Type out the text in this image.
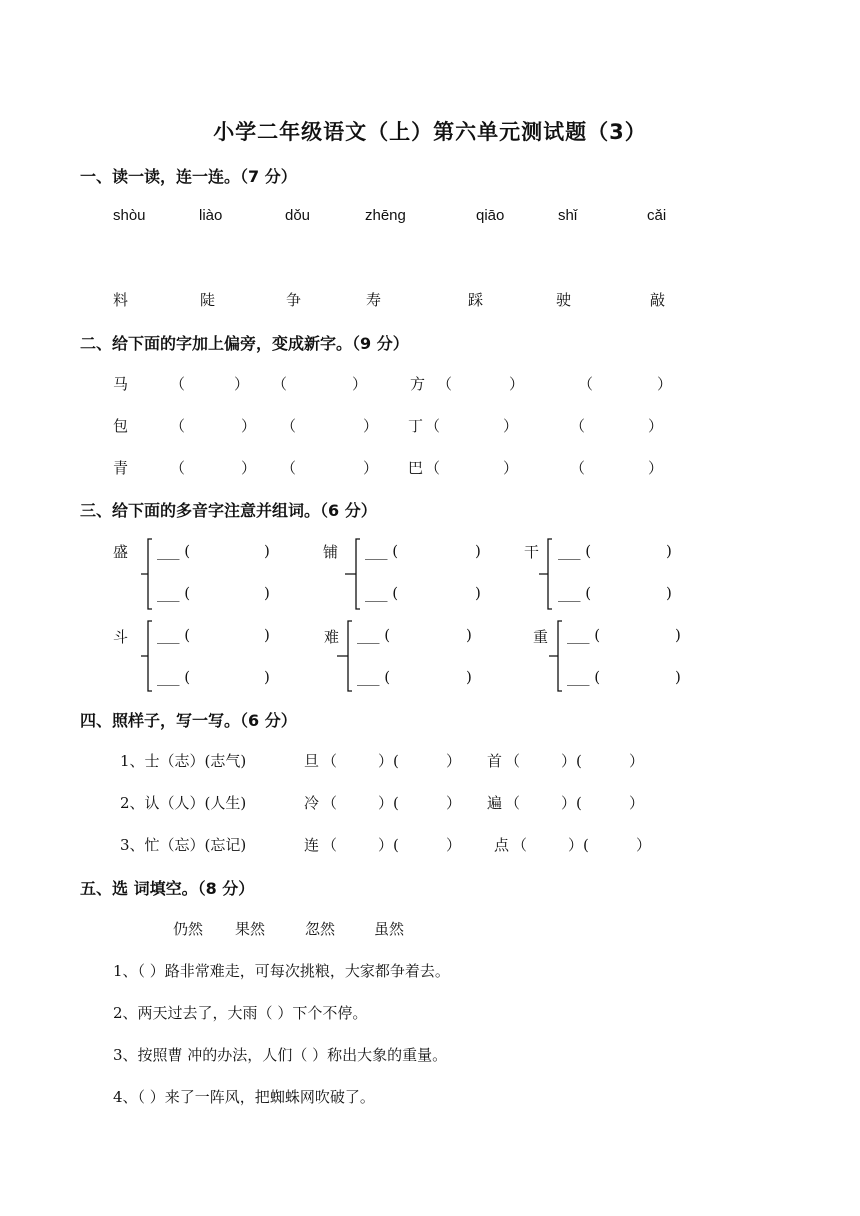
小学二年级语文（上）第六单元测试题（3）
一、读一读，连一连。（7 分）
shòu	liào	dǒu	zhēng	qiāo	shǐ	cǎi
料	陡	争	寿	踩	驶	敲
二、给下面的字加上偏旁，变成新字。（9 分）
马	（	） （	）	方 （	）	（	）
包	（	） （	） 丁 （	）	（	）
青	（	） （	） 巴 （	）	（	）
三、给下面的多音字注意并组词。（6 分）
盛 ___ (	)
___ (	)
铺 ___ (	)
___ (	)
干 ___ (	)
___ (	)
斗 ___ (	)
___ (	)
难 ___ (	)
___ (	)
重 ___ (	)
___ (	)
四、照样子，写一写。（6 分）
1、士（志）(志气)	旦 （	）(	） 首 （	）(	）
2、认（人）(人生)	冷 （	）(	） 遍 （	）(	）
3、忙（忘）(忘记)	连 （	）(	） 点 （	）(	）
五、选 词填空。（8 分）
仍然 果然	忽然	虽然
1、（ ）路非常难走，可每次挑粮，大家都争着去。
2、两天过去了，大雨（ ）下个不停。
3、按照曹 冲的办法，人们（ ）称出大象的重量。
4、（ ）来了一阵风，把蜘蛛网吹破了。
